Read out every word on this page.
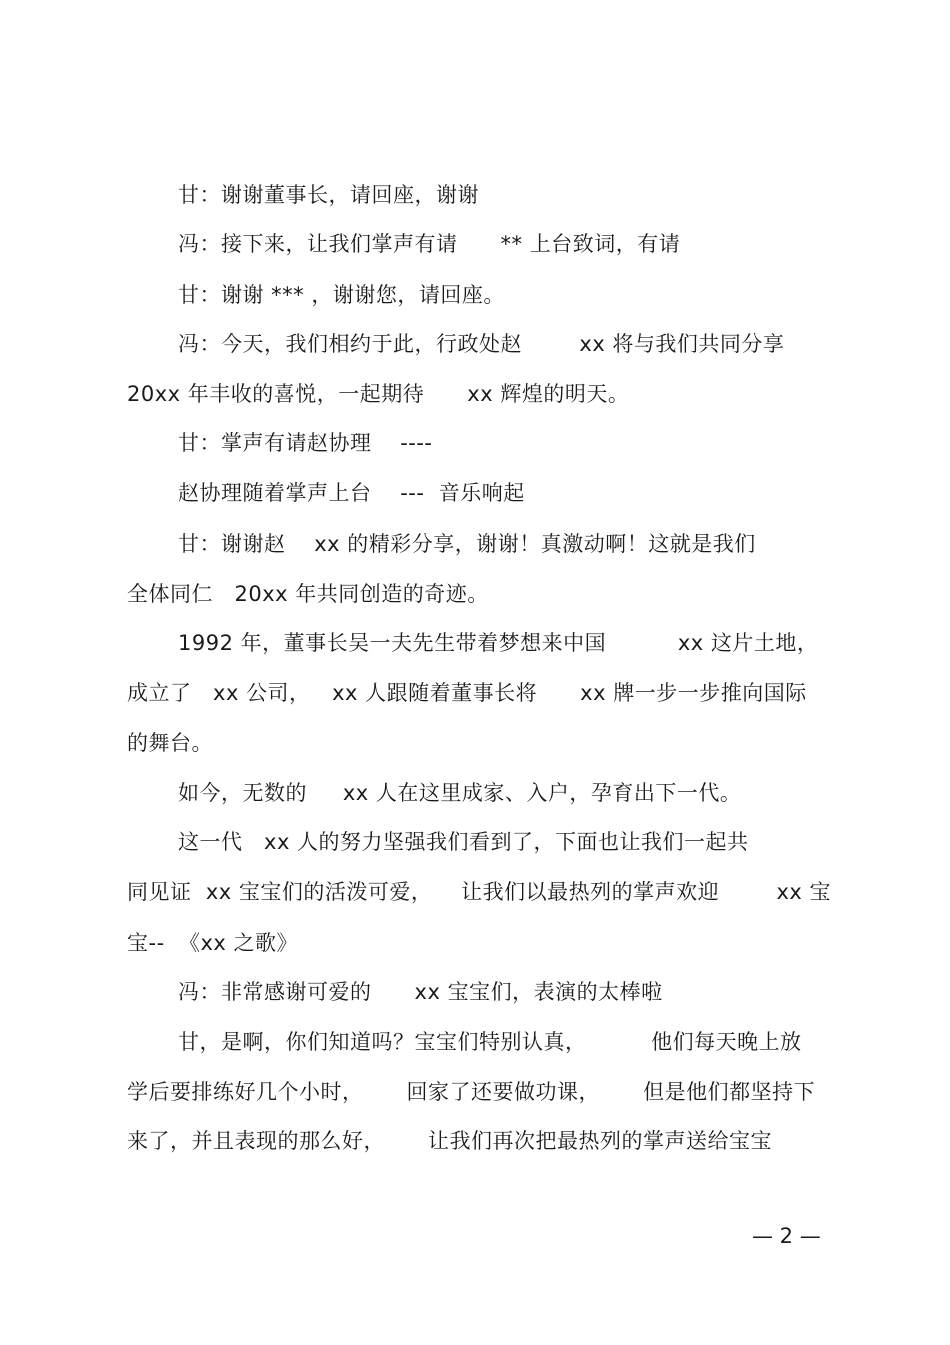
甘：谢谢董事长，请回座，谢谢
冯：接下来，让我们掌声有请      ** 上台致词，有请
甘：谢谢 *** ，谢谢您，请回座。
冯：今天，我们相约于此，行政处赵        xx 将与我们共同分享
20xx 年丰收的喜悦，一起期待      xx 辉煌的明天。
甘：掌声有请赵协理    ----
赵协理随着掌声上台    ---  音乐响起
甘：谢谢赵    xx 的精彩分享，谢谢！真激动啊！这就是我们
全体同仁   20xx 年共同创造的奇迹。
1992 年，董事长吴一夫先生带着梦想来中国          xx 这片土地，
成立了   xx 公司，   xx 人跟随着董事长将      xx 牌一步一步推向国际
的舞台。
如今，无数的     xx 人在这里成家、入户，孕育出下一代。
这一代   xx 人的努力坚强我们看到了，下面也让我们一起共
同见证  xx 宝宝们的活泼可爱，    让我们以最热列的掌声欢迎        xx 宝
宝--  《xx 之歌》
冯：非常感谢可爱的      xx 宝宝们，表演的太棒啦
甘，是啊，你们知道吗？宝宝们特别认真，         他们每天晚上放
学后要排练好几个小时，      回家了还要做功课，      但是他们都坚持下
来了，并且表现的那么好，      让我们再次把最热列的掌声送给宝宝
— 2 —
